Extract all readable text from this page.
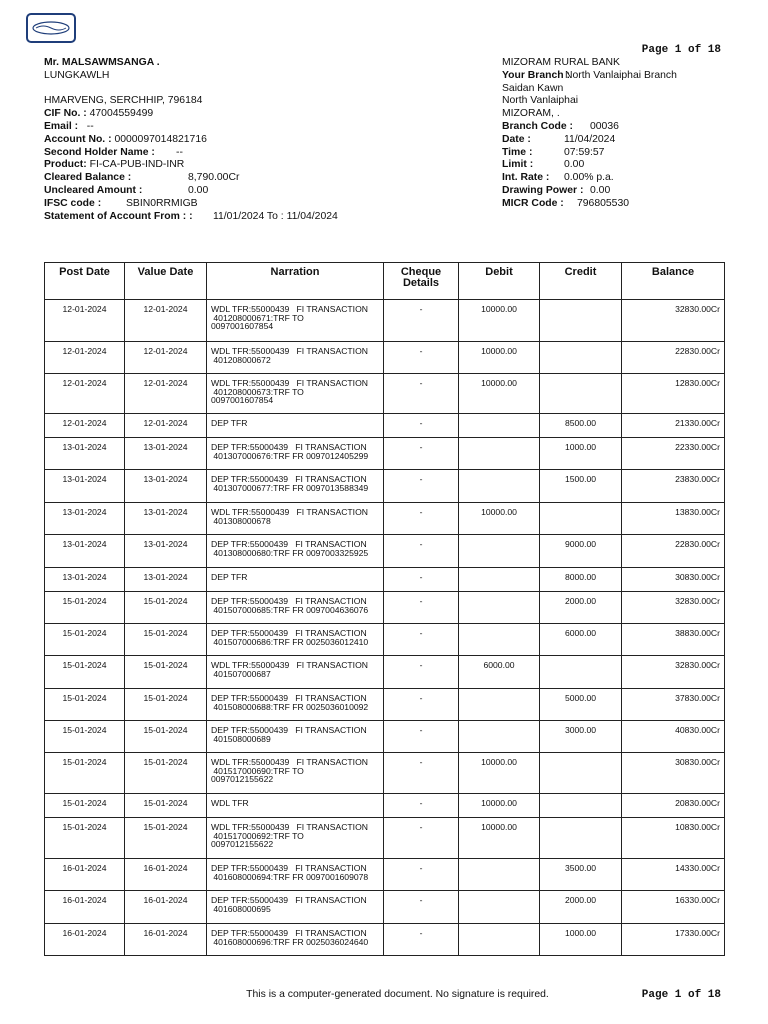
Page 1 of 18
Mr. MALSAWMSANGA .
LUNGKAWLH
HMARVENG, SERCHHIP, 796184
CIF No. : 47004559499
Email : --
Account No. : 0000097014821716
Second Holder Name : --
Product: FI-CA-PUB-IND-INR
Cleared Balance :	8,790.00Cr
Uncleared Amount :	0.00
IFSC code : SBIN0RRMIGB
Statement of Account From : : 11/01/2024 To : 11/04/2024
MIZORAM RURAL BANK
Your Branch :
North Vanlaiphai Branch
Saidan Kawn
North Vanlaiphai
MIZORAM, .
Branch Code : 00036
Date :	11/04/2024
Time :	07:59:57
Limit :	0.00
Int. Rate : 0.00% p.a.
Drawing Power : 0.00
MICR Code : 796805530
Post Date	Value Date	Narration	Cheque Details	Debit	Credit	Balance
12-01-2024	12-01-2024	WDL TFR:55000439   FI TRANSACTION
401208000671:TRF TO
0097001607854	-	10000.00		32830.00Cr
12-01-2024	12-01-2024	WDL TFR:55000439   FI TRANSACTION
401208000672	-	10000.00		22830.00Cr
12-01-2024	12-01-2024	WDL TFR:55000439   FI TRANSACTION
401208000673:TRF TO
0097001607854	-	10000.00		12830.00Cr
12-01-2024	12-01-2024	DEP TFR	-		8500.00	21330.00Cr
13-01-2024	13-01-2024	DEP TFR:55000439   FI TRANSACTION
401307000676:TRF FR 0097012405299	-		1000.00	22330.00Cr
13-01-2024	13-01-2024	DEP TFR:55000439   FI TRANSACTION
401307000677:TRF FR 0097013588349	-		1500.00	23830.00Cr
13-01-2024	13-01-2024	WDL TFR:55000439   FI TRANSACTION
401308000678	-	10000.00		13830.00Cr
13-01-2024	13-01-2024	DEP TFR:55000439   FI TRANSACTION
401308000680:TRF FR 0097003325925	-		9000.00	22830.00Cr
13-01-2024	13-01-2024	DEP TFR	-		8000.00	30830.00Cr
15-01-2024	15-01-2024	DEP TFR:55000439   FI TRANSACTION
401507000685:TRF FR 0097004636076	-		2000.00	32830.00Cr
15-01-2024	15-01-2024	DEP TFR:55000439   FI TRANSACTION
401507000686:TRF FR 0025036012410	-		6000.00	38830.00Cr
15-01-2024	15-01-2024	WDL TFR:55000439   FI TRANSACTION
401507000687	-	6000.00		32830.00Cr
15-01-2024	15-01-2024	DEP TFR:55000439   FI TRANSACTION
401508000688:TRF FR 0025036010092	-		5000.00	37830.00Cr
15-01-2024	15-01-2024	DEP TFR:55000439   FI TRANSACTION
401508000689	-		3000.00	40830.00Cr
15-01-2024	15-01-2024	WDL TFR:55000439   FI TRANSACTION
401517000690:TRF TO
0097012155622	-	10000.00		30830.00Cr
15-01-2024	15-01-2024	WDL TFR	-	10000.00		20830.00Cr
15-01-2024	15-01-2024	WDL TFR:55000439   FI TRANSACTION
401517000692:TRF TO
0097012155622	-	10000.00		10830.00Cr
16-01-2024	16-01-2024	DEP TFR:55000439   FI TRANSACTION
401608000694:TRF FR 0097001609078	-		3500.00	14330.00Cr
16-01-2024	16-01-2024	DEP TFR:55000439   FI TRANSACTION
401608000695	-		2000.00	16330.00Cr
16-01-2024	16-01-2024	DEP TFR:55000439   FI TRANSACTION
401608000696:TRF FR 0025036024640	-		1000.00	17330.00Cr
This is a computer-generated document. No signature is required.	Page 1 of 18
